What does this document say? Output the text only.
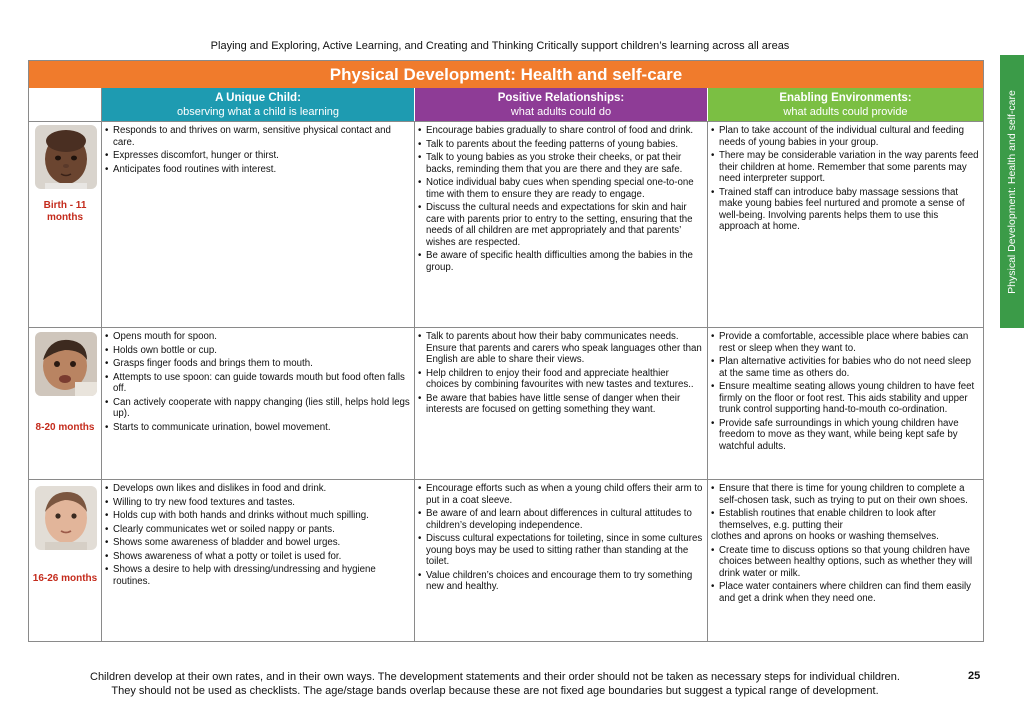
Playing and Exploring, Active Learning, and Creating and Thinking Critically support children’s learning across all areas
Physical Development: Health and self-care
A Unique Child:
observing what a child is learning
Positive Relationships:
what adults could do
Enabling Environments:
what adults could provide
Birth - 11 months
• Responds to and thrives on warm, sensitive physical contact and care.
• Expresses discomfort, hunger or thirst.
• Anticipates food routines with interest.
• Encourage babies gradually to share control of food and drink.
• Talk to parents about the feeding patterns of young babies.
• Talk to young babies as you stroke their cheeks, or pat their backs, reminding them that you are there and they are safe.
• Notice individual baby cues when spending special one-to-one time with them to ensure they are ready to engage.
• Discuss the cultural needs and expectations for skin and hair care with parents prior to entry to the setting, ensuring that the needs of all children are met appropriately and that parents’ wishes are respected.
• Be aware of specific health difficulties among the babies in the group.
• Plan to take account of the individual cultural and feeding needs of young babies in your group.
• There may be considerable variation in the way parents feed their children at home. Remember that some parents may need interpreter support.
• Trained staff can introduce baby massage sessions that make young babies feel nurtured and promote a sense of well-being. Involving parents helps them to use this approach at home.
8-20 months
• Opens mouth for spoon.
• Holds own bottle or cup.
• Grasps finger foods and brings them to mouth.
• Attempts to use spoon: can guide towards mouth but food often falls off.
• Can actively cooperate with nappy changing (lies still, helps hold legs up).
• Starts to communicate urination, bowel movement.
• Talk to parents about how their baby communicates needs. Ensure that parents and carers who speak languages other than English are able to share their views.
• Help children to enjoy their food and appreciate healthier choices by combining favourites with new tastes and textures..
• Be aware that babies have little sense of danger when their interests are focused on getting something they want.
• Provide a comfortable, accessible place where babies can rest or sleep when they want to.
• Plan alternative activities for babies who do not need sleep at the same time as others do.
• Ensure mealtime seating allows young children to have feet firmly on the floor or foot rest. This aids stability and upper trunk control supporting hand-to-mouth co-ordination.
• Provide safe surroundings in which young children have freedom to move as they want, while being kept safe by watchful adults.
16-26 months
• Develops own likes and dislikes in food and drink.
• Willing to try new food textures and tastes.
• Holds cup with both hands and drinks without much spilling.
• Clearly communicates wet or soiled nappy or pants.
• Shows some awareness of bladder and bowel urges.
• Shows awareness of what a potty or toilet is used for.
• Shows a desire to help with dressing/undressing and hygiene routines.
• Encourage efforts such as when a young child offers their arm to put in a coat sleeve.
• Be aware of and learn about differences in cultural attitudes to children’s developing independence.
• Discuss cultural expectations for toileting, since in some cultures young boys may be used to sitting rather than standing at the toilet.
• Value children’s choices and encourage them to try something new and healthy.
• Ensure that there is time for young children to complete a self-chosen task, such as trying to put on their own shoes.
• Establish routines that enable children to look after themselves, e.g. putting their
clothes and aprons on hooks or washing themselves.
• Create time to discuss options so that young children have choices between healthy options, such as whether they will drink water or milk.
• Place water containers where children can find them easily and get a drink when they need one.
Physical Development: Health and self-care
Children develop at their own rates, and in their own ways. The development statements and their order should not be taken as necessary steps for individual children.
They should not be used as checklists. The age/stage bands overlap because these are not fixed age boundaries but suggest a typical range of development.
25
